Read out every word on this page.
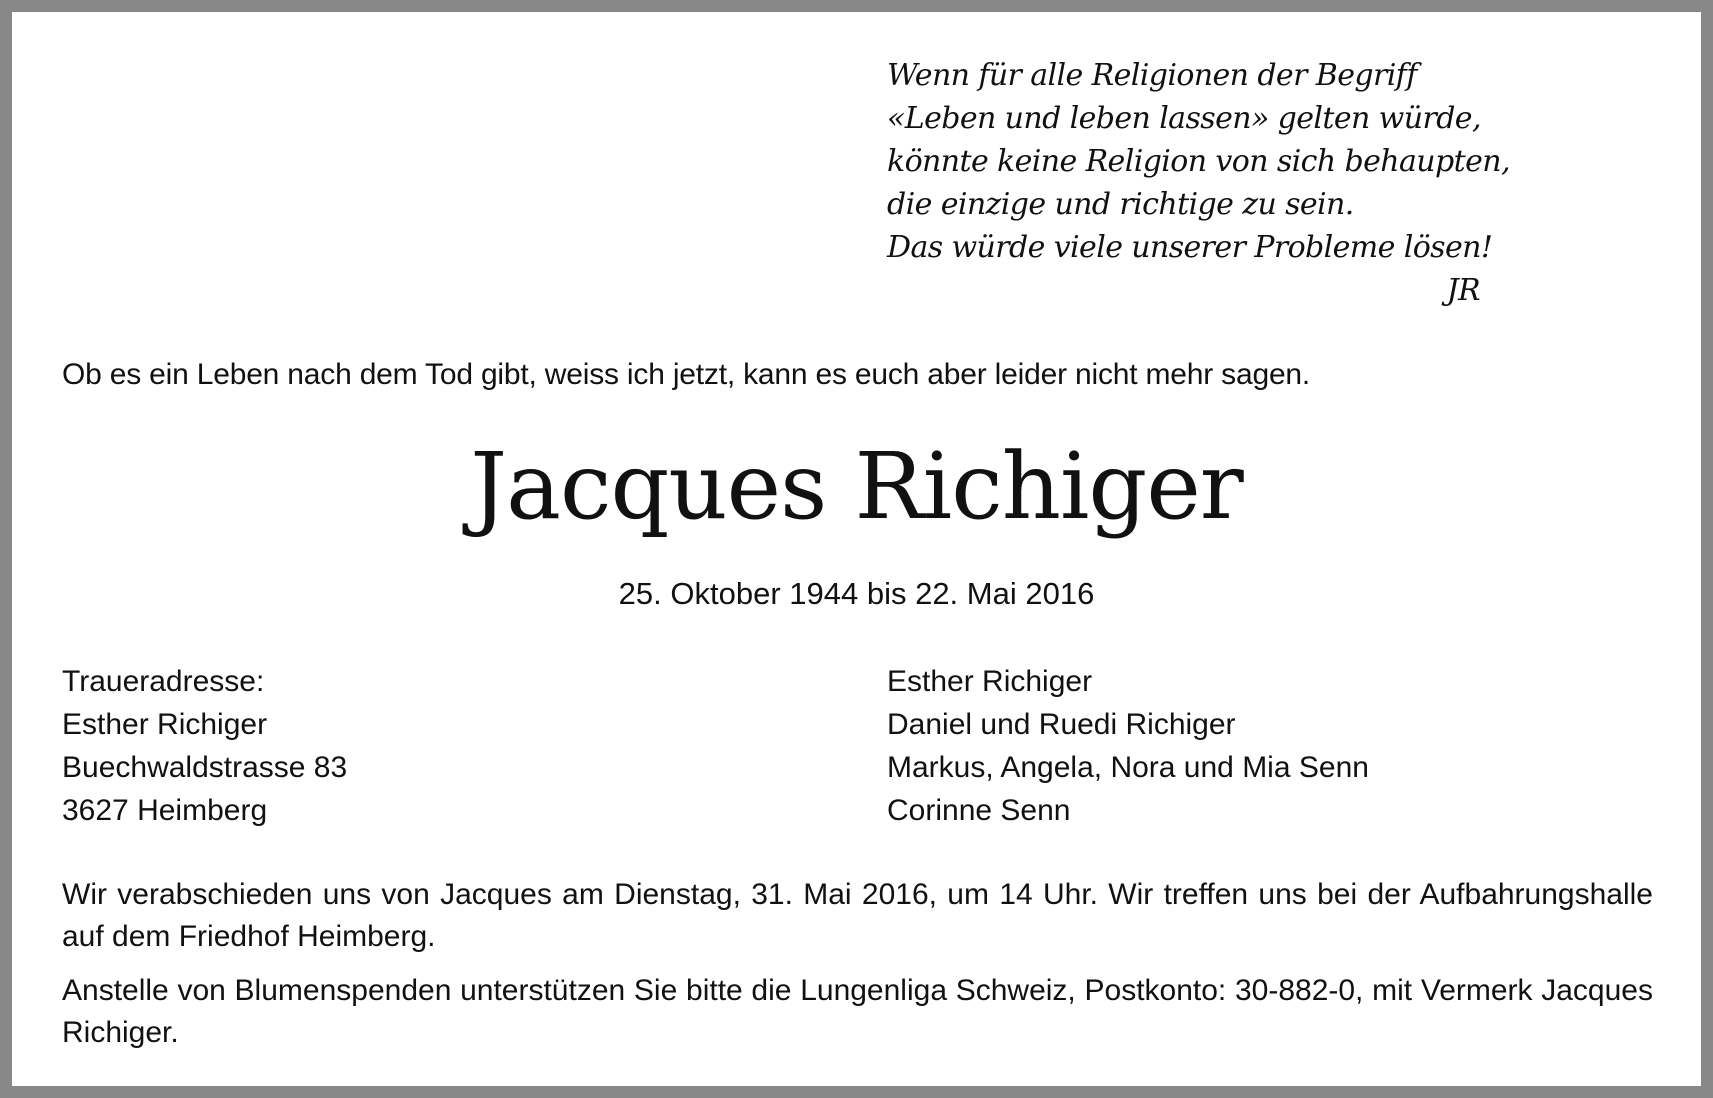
Wenn für alle Religionen der Begriff
«Leben und leben lassen» gelten würde,
könnte keine Religion von sich behaupten,
die einzige und richtige zu sein.
Das würde viele unserer Probleme lösen!
JR
Ob es ein Leben nach dem Tod gibt, weiss ich jetzt, kann es euch aber leider nicht mehr sagen.
Jacques Richiger
25. Oktober 1944 bis 22. Mai 2016
Traueradresse:
Esther Richiger
Buechwaldstrasse 83
3627 Heimberg
Esther Richiger
Daniel und Ruedi Richiger
Markus, Angela, Nora und Mia Senn
Corinne Senn

Wir verabschieden uns von Jacques am Dienstag, 31. Mai 2016, um 14 Uhr. Wir treffen uns bei der Aufbahrungshalle auf dem Friedhof Heimberg.

Anstelle von Blumenspenden unterstützen Sie bitte die Lungenliga Schweiz, Postkonto: 30-882-0, mit Vermerk Jacques Richiger.
